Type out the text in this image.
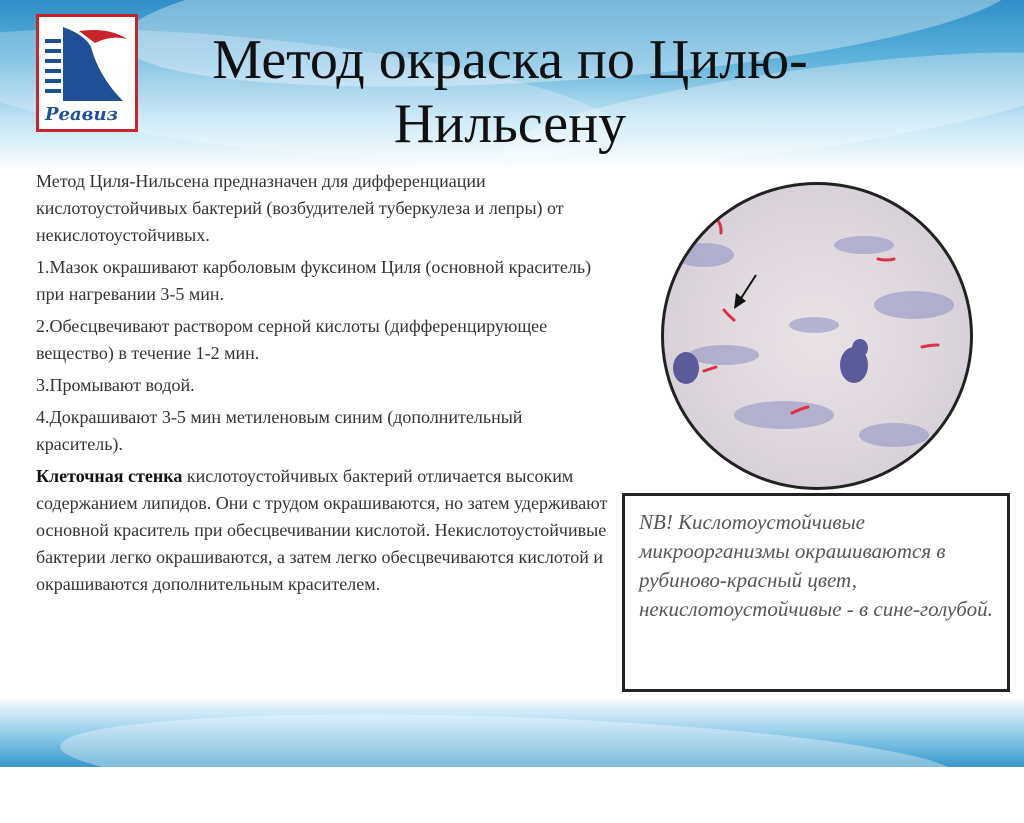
Реавиз
Метод окраска по Цилю-Нильсену

Метод Циля-Нильсена предназначен для дифференциации кислотоустойчивых бактерий (возбудителей туберкулеза и лепры) от некислотоустойчивых.

1.Мазок окрашивают карболовым фуксином Циля (основной краситель) при нагревании 3-5 мин.

2.Обесцвечивают раствором серной кислоты (дифференцирующее вещество) в течение 1-2 мин.

3.Промывают водой.

4.Докрашивают 3-5 мин метиленовым синим (дополнительный краситель).

Клеточная стенка кислотоустойчивых бактерий отличается высоким содержанием липидов. Они с трудом окрашиваются, но затем удерживают основной краситель при обесцвечивании кислотой. Некислотоустойчивые бактерии легко окрашиваются, а затем легко обесцвечиваются кислотой и окрашиваются дополнительным красителем.

NB! Кислотоустойчивые микроорганизмы окрашиваются в рубиново-красный цвет, некислотоустойчивые - в сине-голубой.
